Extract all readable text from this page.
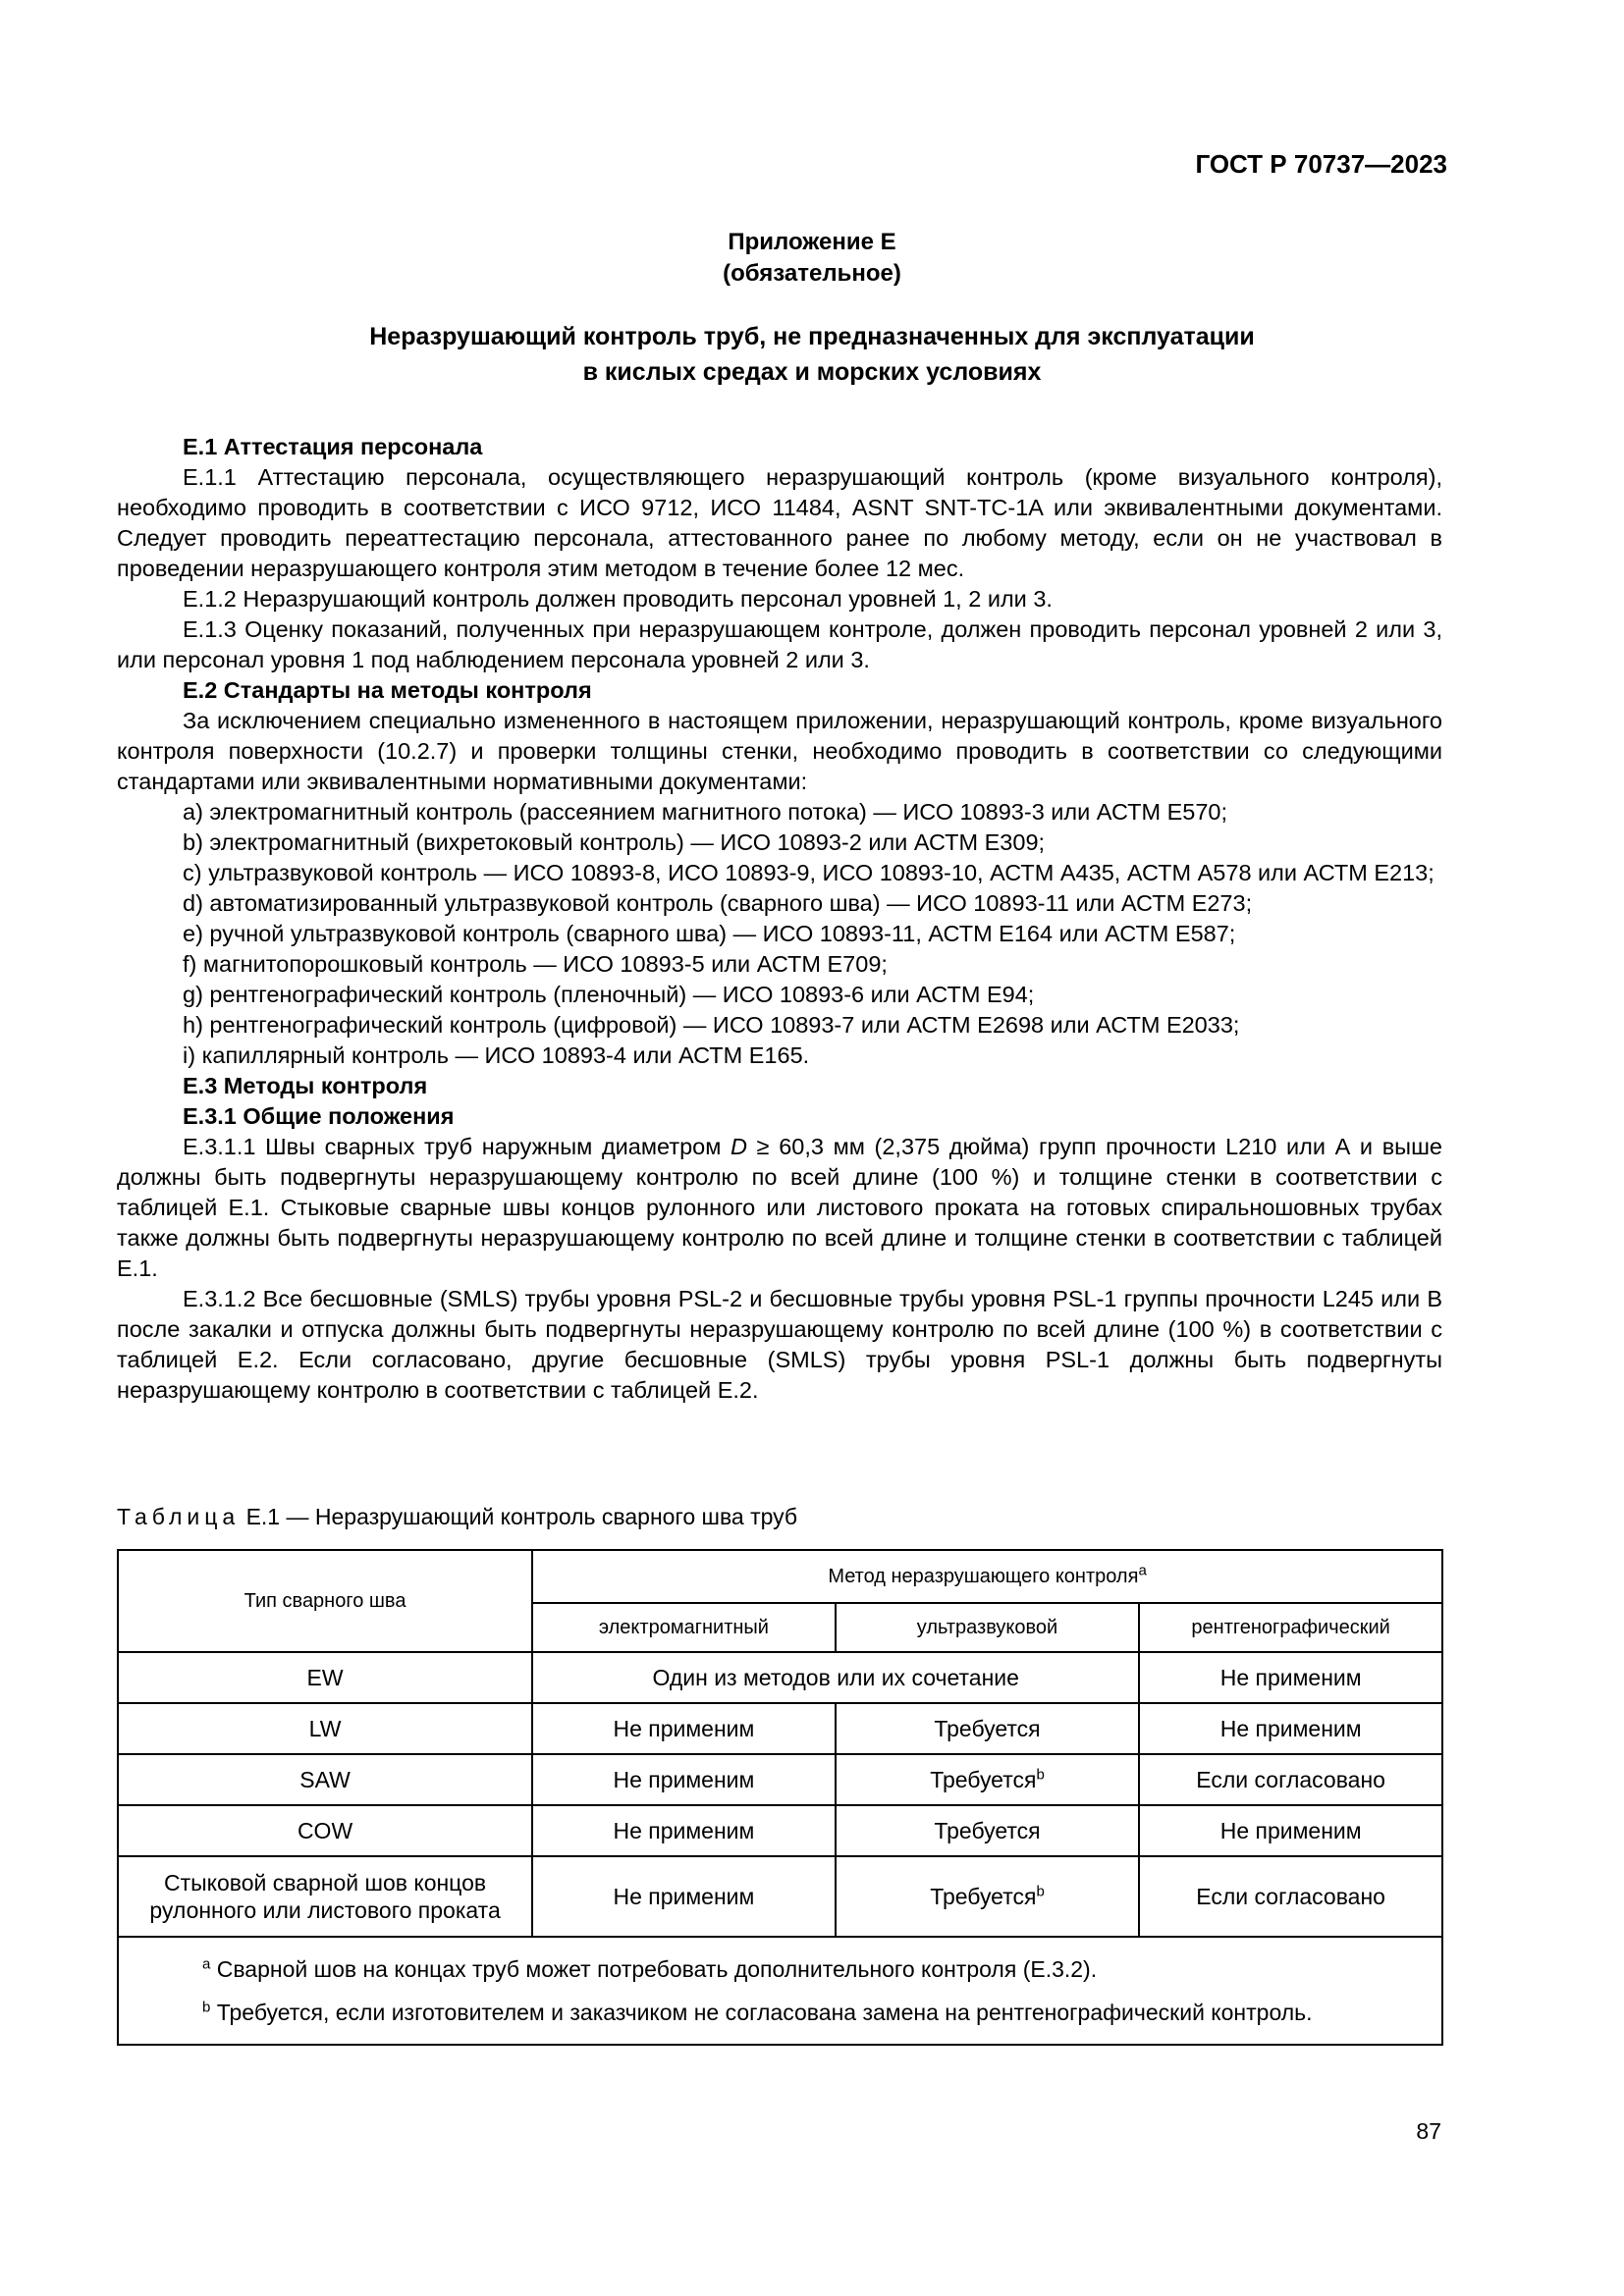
ГОСТ Р 70737—2023
Приложение Е
(обязательное)
Неразрушающий контроль труб, не предназначенных для эксплуатации
в кислых средах и морских условиях

Е.1 Аттестация персонала

Е.1.1 Аттестацию персонала, осуществляющего неразрушающий контроль (кроме визуального контроля), необходимо проводить в соответствии с ИСО 9712, ИСО 11484, ASNT SNT-TC-1A или эквивалентными документами. Следует проводить переаттестацию персонала, аттестованного ранее по любому методу, если он не участвовал в проведении неразрушающего контроля этим методом в течение более 12 мес.

Е.1.2 Неразрушающий контроль должен проводить персонал уровней 1, 2 или 3.

Е.1.3 Оценку показаний, полученных при неразрушающем контроле, должен проводить персонал уровней 2 или 3, или персонал уровня 1 под наблюдением персонала уровней 2 или 3.

Е.2 Стандарты на методы контроля

За исключением специально измененного в настоящем приложении, неразрушающий контроль, кроме визуального контроля поверхности (10.2.7) и проверки толщины стенки, необходимо проводить в соответствии со следующими стандартами или эквивалентными нормативными документами:

а) электромагнитный контроль (рассеянием магнитного потока) — ИСО 10893-3 или АСТМ Е570;

b) электромагнитный (вихретоковый контроль) — ИСО 10893-2 или АСТМ Е309;

c) ультразвуковой контроль — ИСО 10893-8, ИСО 10893-9, ИСО 10893-10, АСТМ А435, АСТМ А578 или АСТМ Е213;

d) автоматизированный ультразвуковой контроль (сварного шва) — ИСО 10893-11 или АСТМ Е273;

e) ручной ультразвуковой контроль (сварного шва) — ИСО 10893-11, АСТМ Е164 или АСТМ Е587;

f) магнитопорошковый контроль — ИСО 10893-5 или АСТМ Е709;

g) рентгенографический контроль (пленочный) — ИСО 10893-6 или АСТМ Е94;

h) рентгенографический контроль (цифровой) — ИСО 10893-7 или АСТМ Е2698 или АСТМ Е2033;

i) капиллярный контроль — ИСО 10893-4 или АСТМ Е165.

Е.3 Методы контроля

Е.3.1 Общие положения

Е.3.1.1 Швы сварных труб наружным диаметром D ≥ 60,3 мм (2,375 дюйма) групп прочности L210 или А и выше должны быть подвергнуты неразрушающему контролю по всей длине (100 %) и толщине стенки в соответствии с таблицей Е.1. Стыковые сварные швы концов рулонного или листового проката на готовых спиральношовных трубах также должны быть подвергнуты неразрушающему контролю по всей длине и толщине стенки в соответствии с таблицей Е.1.

Е.3.1.2 Все бесшовные (SMLS) трубы уровня PSL-2 и бесшовные трубы уровня PSL-1 группы прочности L245 или В после закалки и отпуска должны быть подвергнуты неразрушающему контролю по всей длине (100 %) в соответствии с таблицей Е.2. Если согласовано, другие бесшовные (SMLS) трубы уровня PSL-1 должны быть подвергнуты неразрушающему контролю в соответствии с таблицей Е.2.

Таблица Е.1 — Неразрушающий контроль сварного шва труб
Тип сварного шва	Метод неразрушающего контроля$^a$
	электромагнитный	ультразвуковой	рентгенографический
EW	Один из методов или их сочетание		Не применим
LW	Не применим	Требуется	Не применим
SAW	Не применим	Требуется$^b$	Если согласовано
COW	Не применим	Требуется	Не применим
Стыковой сварной шов концов
рулонного или листового проката	Не применим	Требуется$^b$	Если согласовано

$^a$ Сварной шов на концах труб может потребовать дополнительного контроля (Е.3.2).
$^b$ Требуется, если изготовителем и заказчиком не согласована замена на рентгенографический контроль.			
87
